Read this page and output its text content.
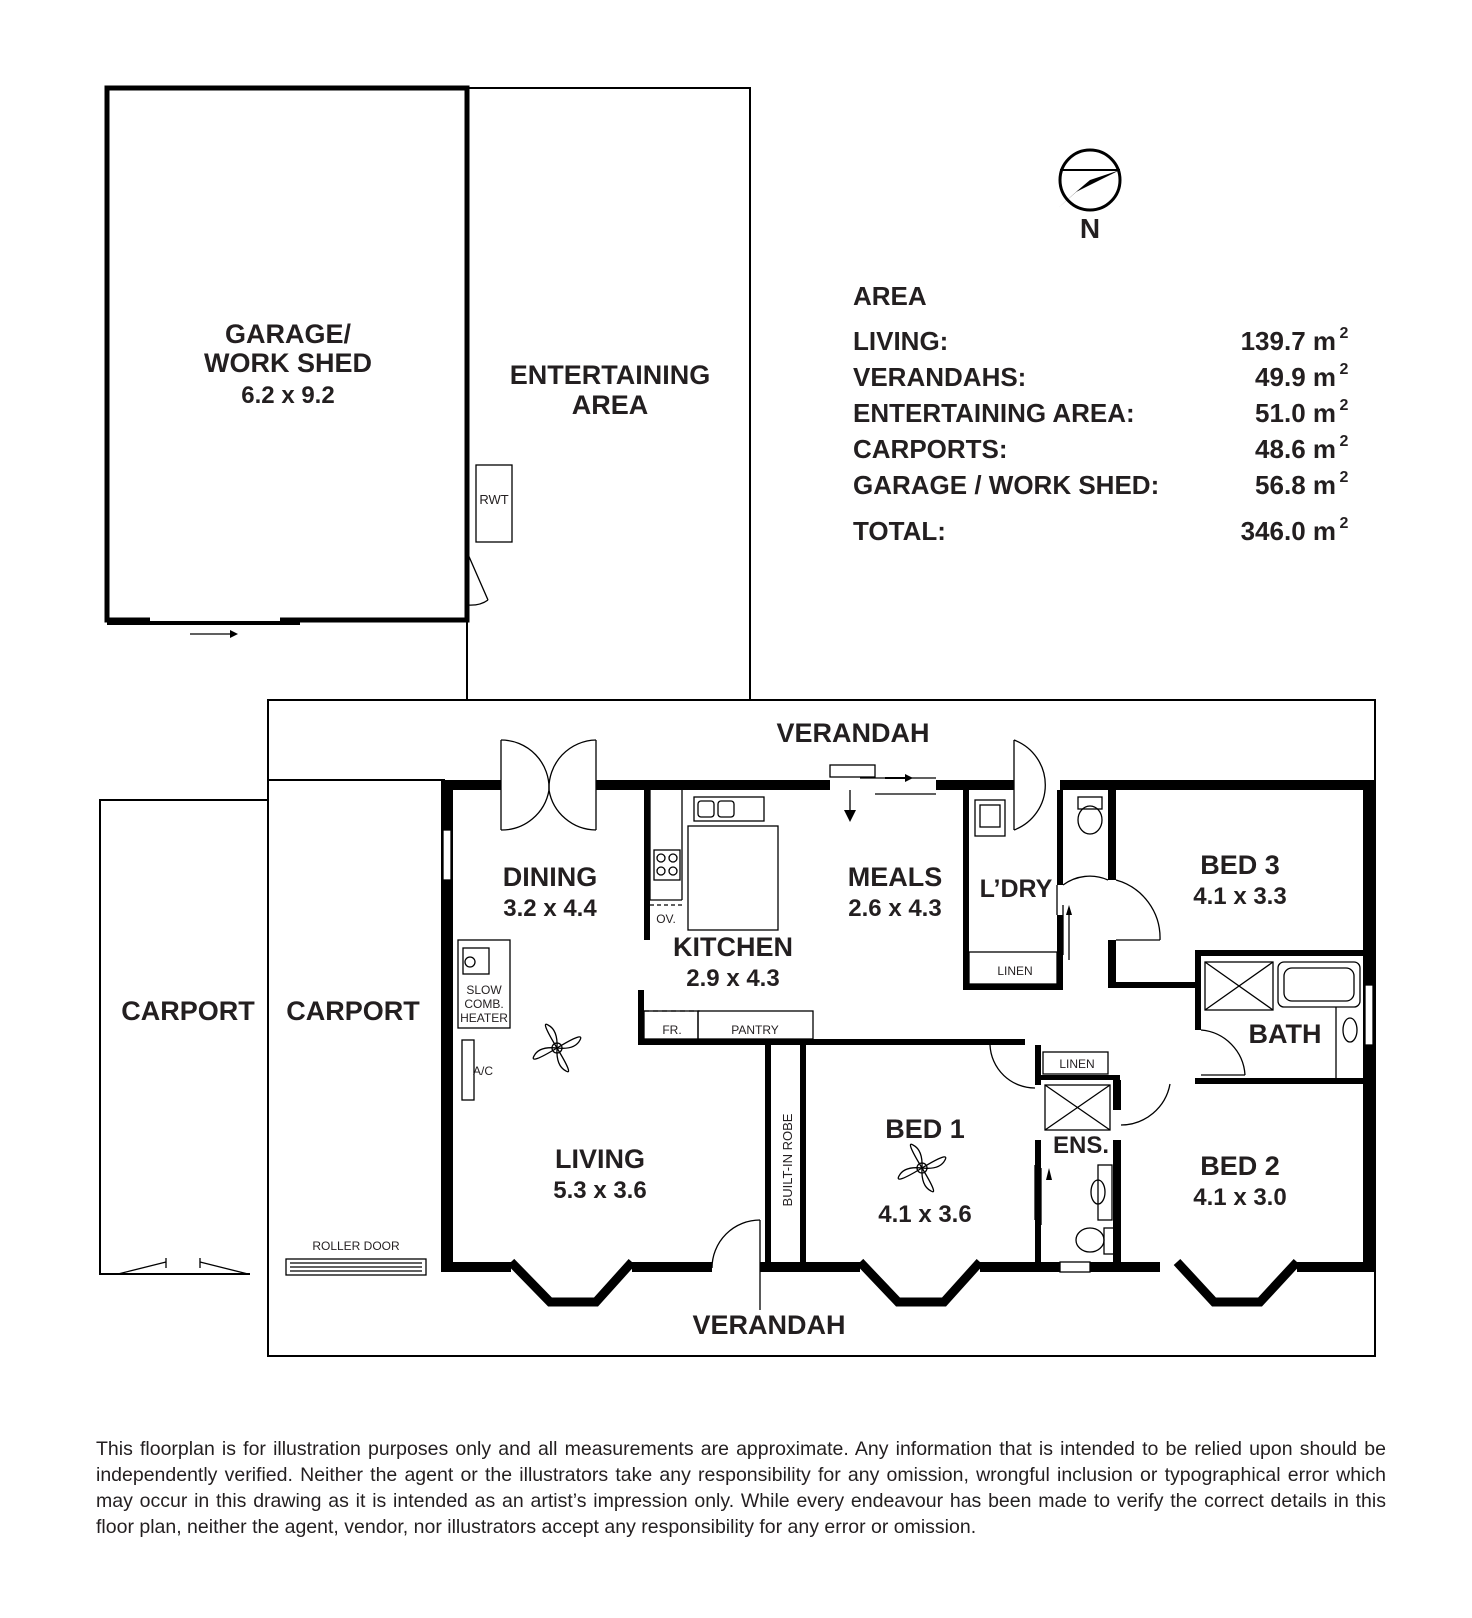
GARAGE/
WORK SHED
6.2 x 9.2
ENTERTAINING
AREA
RWT
N
AREA
LIVING:	139.7 m 2
VERANDAHS:	49.9 m 2
ENTERTAINING AREA:	51.0 m 2
CARPORTS:	48.6 m 2
GARAGE / WORK SHED:	56.8 m 2
TOTAL:	346.0 m 2
VERANDAH
VERANDAH
CARPORT CARPORT
ROLLER DOOR
OV.
FR.	PANTRY
LINEN
LINEN
SLOW
COMB.
HEATER
A/C
DINING
3.2 x 4.4
KITCHEN
2.9 x 4.3
MEALS
2.6 x 4.3
L’DRY
BED 3
4.1 x 3.3
BATH
LIVING
5.3 x 3.6
BED 1
4.1 x 3.6
ENS.
BED 2
4.1 x 3.0
BUILT-IN ROBE
This floorplan is for illustration purposes only and all measurements are approximate. Any information that is intended to be relied upon should be independently verified. Neither the agent or the illustrators take any responsibility for any omission, wrongful inclusion or typographical error which may occur in this drawing as it is intended as an artist’s impression only. While every endeavour has been made to verify the correct details in this floor plan, neither the agent, vendor, nor illustrators accept any responsibility for any error or omission.
